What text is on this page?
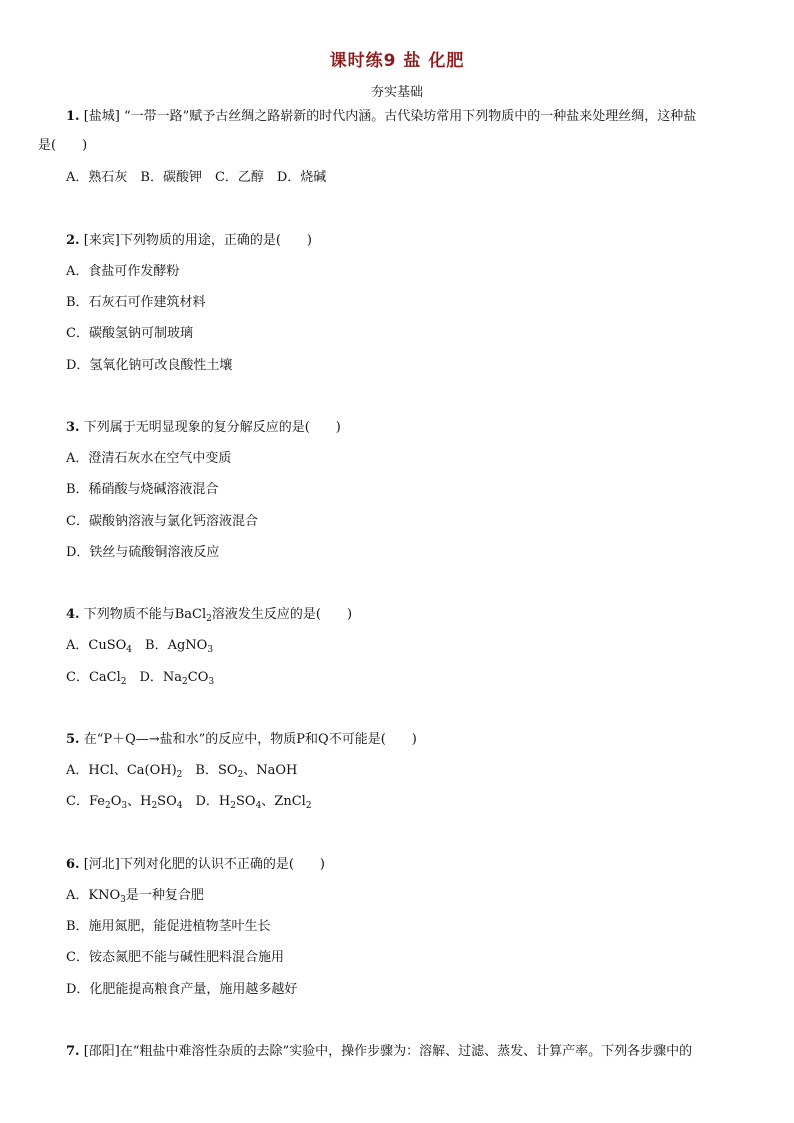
课时练9 盐 化肥
夯实基础
1. [盐城] “一带一路”赋予古丝绸之路崭新的时代内涵。古代染坊常用下列物质中的一种盐来处理丝绸，这种盐
是(　　)
A．熟石灰　B．碳酸钾　C．乙醇　D．烧碱
2. [来宾]下列物质的用途，正确的是(　　)
A．食盐可作发酵粉
B．石灰石可作建筑材料
C．碳酸氢钠可制玻璃
D．氢氧化钠可改良酸性土壤
3. 下列属于无明显现象的复分解反应的是(　　)
A．澄清石灰水在空气中变质
B．稀硝酸与烧碱溶液混合
C．碳酸钠溶液与氯化钙溶液混合
D．铁丝与硫酸铜溶液反应
4. 下列物质不能与BaCl$_2$溶液发生反应的是(　　)
A．CuSO$_4$　B．AgNO$_3$
C．CaCl$_2$　D．$Na_2CO_3$
5. 在“P＋Q—→盐和水”的反应中，物质P和Q不可能是(　　)
A．HCl、$Ca(OH)_2$　B．$SO_2$、NaOH
C．$Fe_2O_3$、$H_2SO_4$　D．$H_2SO_4$、ZnCl$_2$
6. [河北]下列对化肥的认识不正确的是(　　)
A．$KNO_3$是一种复合肥
B．施用氮肥，能促进植物茎叶生长
C．铵态氮肥不能与碱性肥料混合施用
D．化肥能提高粮食产量，施用越多越好
7. [邵阳]在“粗盐中难溶性杂质的去除”实验中，操作步骤为：溶解、过滤、蒸发、计算产率。下列各步骤中的
